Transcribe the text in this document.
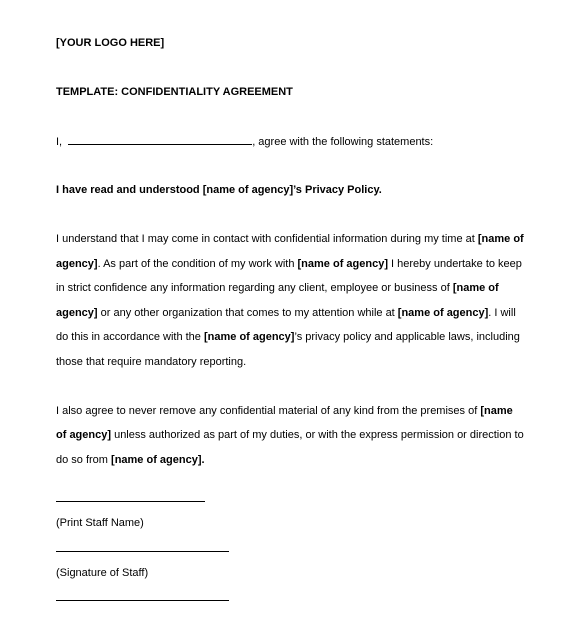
[YOUR LOGO HERE]
TEMPLATE: CONFIDENTIALITY AGREEMENT
I,	, agree with the following statements:
I have read and understood [name of agency]’s Privacy Policy.
I understand that I may come in contact with confidential information during my time at [name of
agency]. As part of the condition of my work with [name of agency] I hereby undertake to keep
in strict confidence any information regarding any client, employee or business of [name of
agency] or any other organization that comes to my attention while at [name of agency]. I will
do this in accordance with the [name of agency]’s privacy policy and applicable laws, including
those that require mandatory reporting.
I also agree to never remove any confidential material of any kind from the premises of [name
of agency] unless authorized as part of my duties, or with the express permission or direction to
do so from [name of agency].
(Print Staff Name)
(Signature of Staff)
